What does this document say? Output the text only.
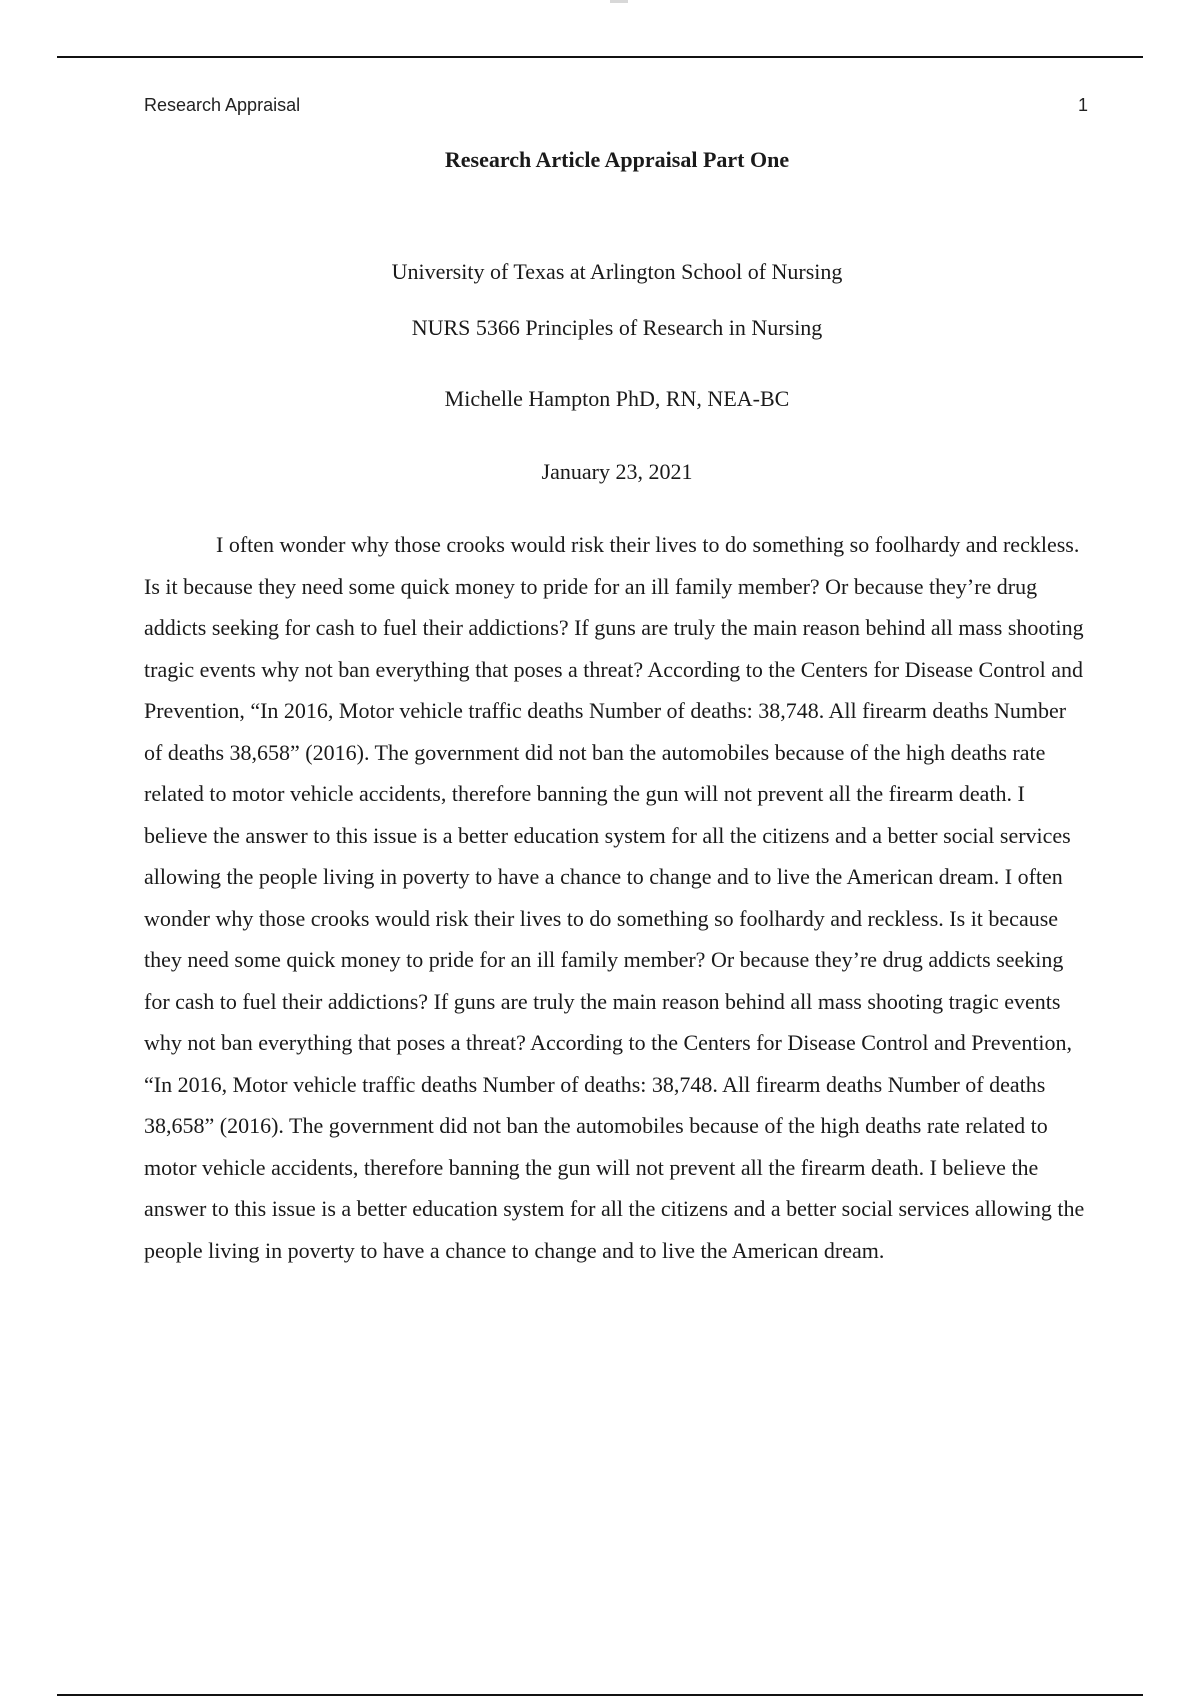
Research Appraisal	1
Research Article Appraisal Part One
University of Texas at Arlington School of Nursing
NURS 5366 Principles of Research in Nursing
Michelle Hampton PhD, RN, NEA-BC
January 23, 2021

I often wonder why those crooks would risk their lives to do something so foolhardy and reckless. Is it because they need some quick money to pride for an ill family member? Or because they’re drug addicts seeking for cash to fuel their addictions? If guns are truly the main reason behind all mass shooting tragic events why not ban everything that poses a threat? According to the Centers for Disease Control and Prevention, “In 2016, Motor vehicle traffic deaths Number of deaths: 38,748. All firearm deaths Number of deaths 38,658” (2016). The government did not ban the automobiles because of the high deaths rate related to motor vehicle accidents, therefore banning the gun will not prevent all the firearm death. I believe the answer to this issue is a better education system for all the citizens and a better social services allowing the people living in poverty to have a chance to change and to live the American dream. I often wonder why those crooks would risk their lives to do something so foolhardy and reckless. Is it because they need some quick money to pride for an ill family member? Or because they’re drug addicts seeking for cash to fuel their addictions? If guns are truly the main reason behind all mass shooting tragic events why not ban everything that poses a threat? According to the Centers for Disease Control and Prevention, “In 2016, Motor vehicle traffic deaths Number of deaths: 38,748. All firearm deaths Number of deaths 38,658” (2016). The government did not ban the automobiles because of the high deaths rate related to motor vehicle accidents, therefore banning the gun will not prevent all the firearm death. I believe the answer to this issue is a better education system for all the citizens and a better social services allowing the people living in poverty to have a chance to change and to live the American dream.
